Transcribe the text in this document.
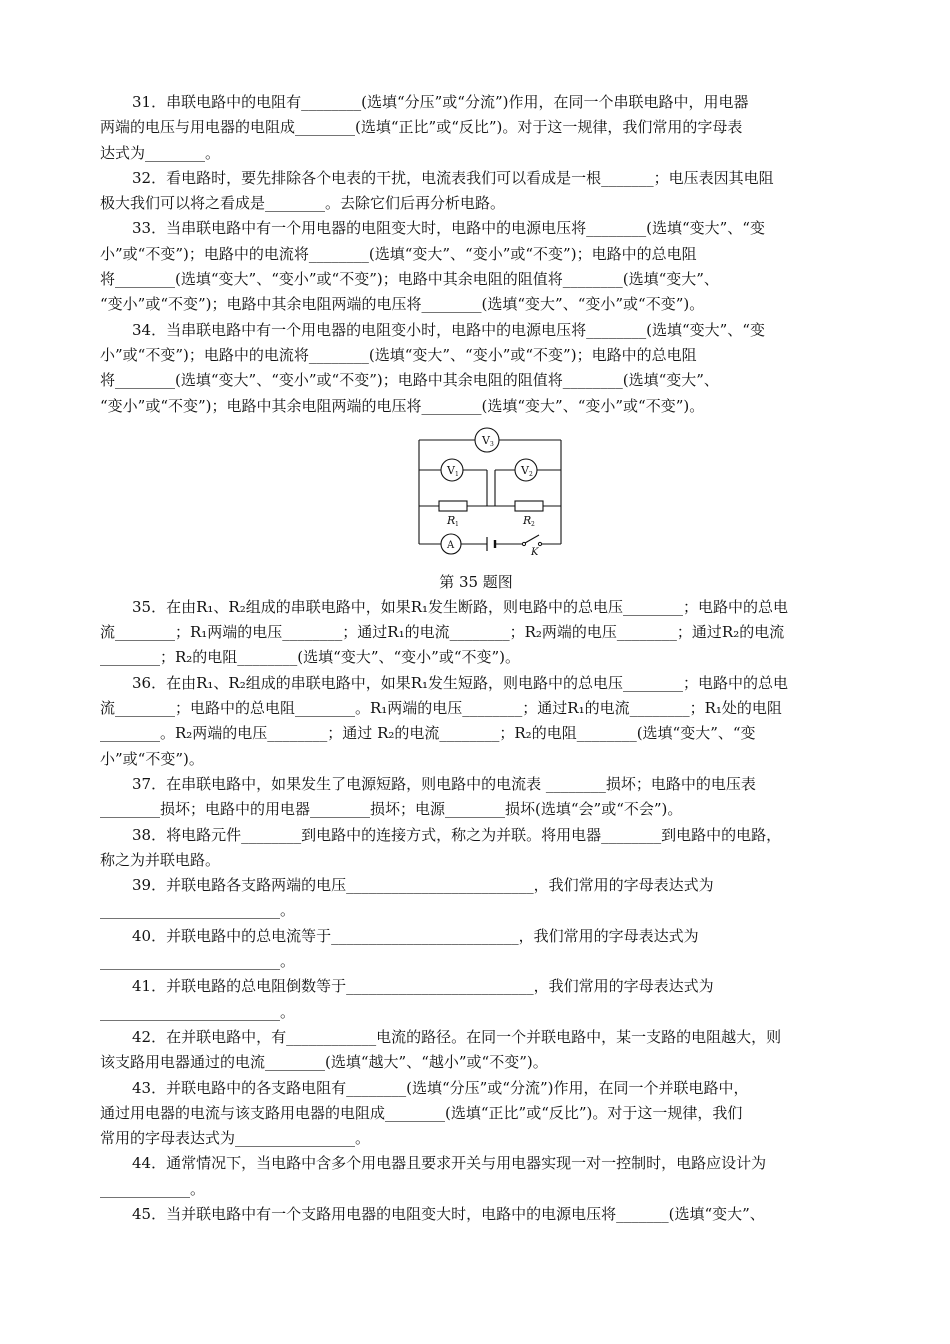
31．串联电路中的电阻有________(选填“分压”或“分流”)作用，在同一个串联电路中，用电器
两端的电压与用电器的电阻成________(选填“正比”或“反比”)。对于这一规律，我们常用的字母表
达式为________。
32．看电路时，要先排除各个电表的干扰，电流表我们可以看成是一根_______；电压表因其电阻
极大我们可以将之看成是________。去除它们后再分析电路。
33．当串联电路中有一个用电器的电阻变大时，电路中的电源电压将________(选填“变大”、“变
小”或“不变”)；电路中的电流将________(选填“变大”、“变小”或“不变”)；电路中的总电阻
将________(选填“变大”、“变小”或“不变”)；电路中其余电阻的阻值将________(选填“变大”、
“变小”或“不变”)；电路中其余电阻两端的电压将________(选填“变大”、“变小”或“不变”)。
34．当串联电路中有一个用电器的电阻变小时，电路中的电源电压将________(选填“变大”、“变
小”或“不变”)；电路中的电流将________(选填“变大”、“变小”或“不变”)；电路中的总电阻
将________(选填“变大”、“变小”或“不变”)；电路中其余电阻的阻值将________(选填“变大”、
“变小”或“不变”)；电路中其余电阻两端的电压将________(选填“变大”、“变小”或“不变”)。
V 3
V 1	V 2
R 1	R 2
A
K
第 35 题图
35．在由R₁、R₂组成的串联电路中，如果R₁发生断路，则电路中的总电压________；电路中的总电
流________；R₁两端的电压________；通过R₁的电流________；R₂两端的电压________；通过R₂的电流
________；R₂的电阻________(选填“变大”、“变小”或“不变”)。
36．在由R₁、R₂组成的串联电路中，如果R₁发生短路，则电路中的总电压________；电路中的总电
流________；电路中的总电阻________。R₁两端的电压________；通过R₁的电流________；R₁处的电阻
________。R₂两端的电压________；通过 R₂的电流________；R₂的电阻________(选填“变大”、“变
小”或“不变”)。
37．在串联电路中，如果发生了电源短路，则电路中的电流表 ________损坏；电路中的电压表
________损坏；电路中的用电器________损坏；电源________损坏(选填“会”或“不会”)。
38．将电路元件________到电路中的连接方式，称之为并联。将用电器________到电路中的电路，
称之为并联电路。
39．并联电路各支路两端的电压_________________________，我们常用的字母表达式为
________________________。
40．并联电路中的总电流等于_________________________，我们常用的字母表达式为
________________________。
41．并联电路的总电阻倒数等于_________________________，我们常用的字母表达式为
________________________。
42．在并联电路中，有____________电流的路径。在同一个并联电路中，某一支路的电阻越大，则
该支路用电器通过的电流________(选填“越大”、“越小”或“不变”)。
43．并联电路中的各支路电阻有________(选填“分压”或“分流”)作用，在同一个并联电路中，
通过用电器的电流与该支路用电器的电阻成________(选填“正比”或“反比”)。对于这一规律，我们
常用的字母表达式为________________。
44．通常情况下，当电路中含多个用电器且要求开关与用电器实现一对一控制时，电路应设计为
____________。
45．当并联电路中有一个支路用电器的电阻变大时，电路中的电源电压将_______(选填“变大”、
